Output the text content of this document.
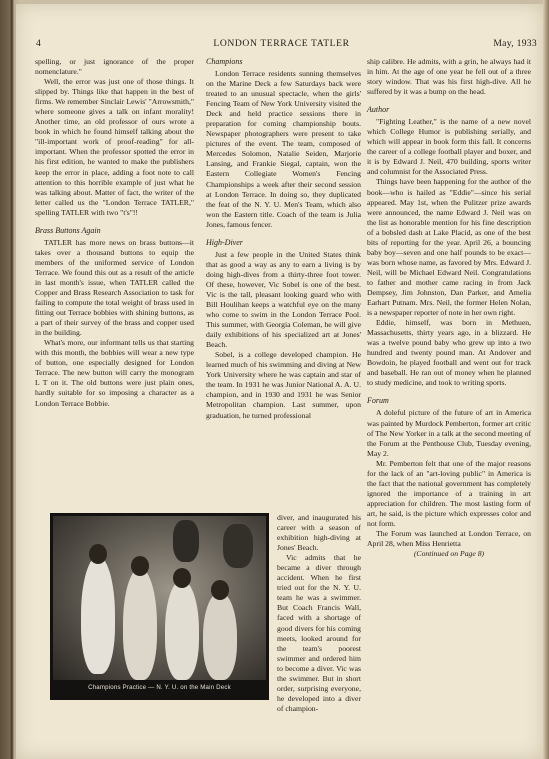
4	LONDON TERRACE TATLER	May, 1933

spelling, or just ignorance of the proper nomenclature."

Well, the error was just one of those things. It slipped by. Things like that happen in the best of firms. We remember Sinclair Lewis' "Arrowsmith," where someone gives a talk on infant morality! Another time, an old professor of ours wrote a book in which he found himself talking about the "ill-important work of proof-reading" for all-important. When the professor spotted the error in his first edition, he wanted to make the publishers keep the error in place, adding a foot note to call attention to this horrible example of just what he was talking about. Matter of fact, the writer of the letter called us the "London Terrace TATLER," spelling TATLER with two "t's"!!

Brass Buttons Again

TATLER has more news on brass buttons—it takes over a thousand buttons to equip the members of the uniformed service of London Terrace. We found this out as a result of the article in last month's issue, when TATLER called the Copper and Brass Research Association to task for failing to compute the total weight of brass used in fitting out Terrace bobbies with shining buttons, as a part of their survey of the brass and copper used in the building.

What's more, our informant tells us that starting with this month, the bobbies will wear a new type of button, one especially designed for London Terrace. The new button will carry the monogram L T on it. The old buttons were just plain ones, hardly suitable for so imposing a character as a London Terrace Bobbie.

Champions

London Terrace residents sunning themselves on the Marine Deck a few Saturdays back were treated to an unusual spectacle, when the girls' Fencing Team of New York University visited the Deck and held practice sessions there in preparation for coming championship bouts. Newspaper photographers were present to take pictures of the event. The team, composed of Mercedes Solomon, Natalie Seiden, Marjorie Lansing, and Frankie Siegal, captain, won the Eastern Collegiate Women's Fencing Championships a week after their second session at London Terrace. In doing so, they duplicated the feat of the N. Y. U. Men's Team, which also won the Eastern title. Coach of the team is Julia Jones, famous fencer.

High-Diver

Just a few people in the United States think that as good a way as any to earn a living is by doing high-dives from a thirty-three foot tower. Of these, however, Vic Sobel is one of the best. Vic is the tall, pleasant looking guard who with Bill Houlihan keeps a watchful eye on the many who come to swim in the London Terrace Pool. This summer, with Georgia Coleman, he will give daily exhibitions of his specialized art at Jones' Beach.

Sobel, is a college developed champion. He learned much of his swimming and diving at New York University where he was captain and star of the team. In 1931 he was Junior National A. A. U. champion, and in 1930 and 1931 he was Senior Metropolitan champion. Last summer, upon graduation, he turned professional

diver, and inaugurated his career with a season of exhibition high-diving at Jones' Beach.

Vic admits that he became a diver through accident. When he first tried out for the N. Y. U. team he was a swimmer. But Coach Francis Wall, faced with a shortage of good divers for his coming meets, looked around for the team's poorest swimmer and ordered him to become a diver. Vic was the swimmer. But in short order, surprising everyone, he developed into a diver of champion-

Champions Practice — N. Y. U. on the Main Deck

ship calibre. He admits, with a grin, he always had it in him. At the age of one year he fell out of a three story window. That was his first high-dive. All he suffered by it was a bump on the head.

Author

"Fighting Leather," is the name of a new novel which College Humor is publishing serially, and which will appear in book form this fall. It concerns the career of a college football player and boxer, and it is by Edward J. Neil, 470 building, sports writer and columnist for the Associated Press.

Things have been happening for the author of the book—who is hailed as "Eddie"—since his serial appeared. May 1st, when the Pulitzer prize awards were announced, the name Edward J. Neil was on the list as honorable mention for his fine description of a bobsled dash at Lake Placid, as one of the best bits of reporting for the year. April 26, a bouncing baby boy—seven and one half pounds to be exact—was born whose name, as favored by Mrs. Edward J. Neil, will be Michael Edward Neil. Congratulations to father and mother came racing in from Jack Dempsey, Jim Johnston, Dan Parker, and Amelia Earhart Putnam. Mrs. Neil, the former Helen Nolan, is a newspaper reporter of note in her own right.

Eddie, himself, was born in Methuen, Massachusetts, thirty years ago, in a blizzard. He was a twelve pound baby who grew up into a two hundred and twenty pound man. At Andover and Bowdoin, he played football and went out for track and baseball. He ran out of money when he planned to study medicine, and took to writing sports.

Forum

A doleful picture of the future of art in America was painted by Murdock Pemberton, former art critic of The New Yorker in a talk at the second meeting of the Forum at the Penthouse Club, Tuesday evening, May 2.

Mr. Pemberton felt that one of the major reasons for the lack of an "art-loving public" in America is the fact that the national government has completely ignored the importance of a training in art appreciation for children. The most lasting form of art, he said, is the picture which expresses color and not form.

The Forum was launched at London Terrace, on April 28, when Miss Henrietta

(Continued on Page 8)
